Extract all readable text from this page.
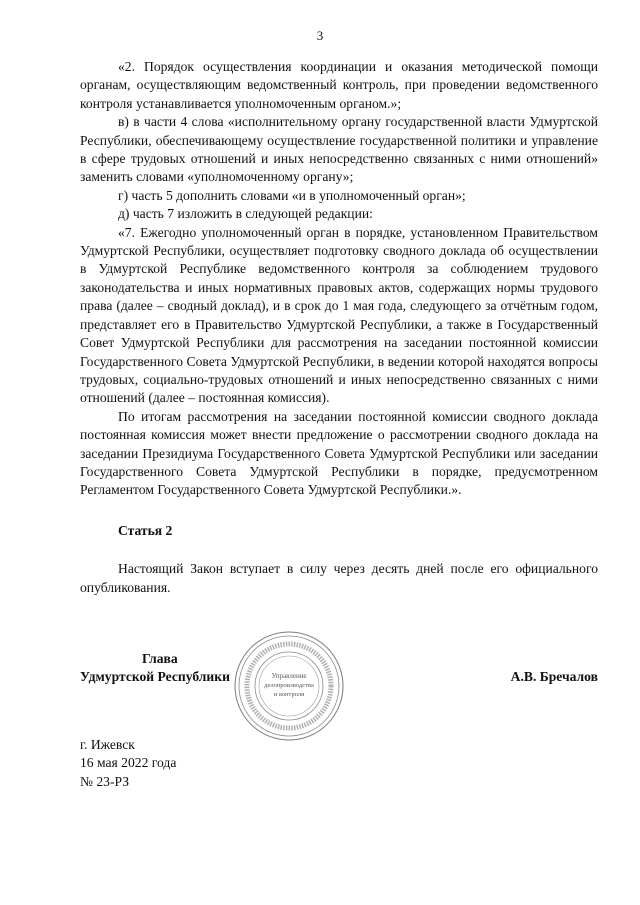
3

«2. Порядок осуществления координации и оказания методической помощи органам, осуществляющим ведомственный контроль, при проведении ведомственного контроля устанавливается уполномоченным органом.»;

в) в части 4 слова «исполнительному органу государственной власти Удмуртской Республики, обеспечивающему осуществление государственной политики и управление в сфере трудовых отношений и иных непосредственно связанных с ними отношений» заменить словами «уполномоченному органу»;

г) часть 5 дополнить словами «и в уполномоченный орган»;

д) часть 7 изложить в следующей редакции:

«7. Ежегодно уполномоченный орган в порядке, установленном Правительством Удмуртской Республики, осуществляет подготовку сводного доклада об осуществлении в Удмуртской Республике ведомственного контроля за соблюдением трудового законодательства и иных нормативных правовых актов, содержащих нормы трудового права (далее – сводный доклад), и в срок до 1 мая года, следующего за отчётным годом, представляет его в Правительство Удмуртской Республики, а также в Государственный Совет Удмуртской Республики для рассмотрения на заседании постоянной комиссии Государственного Совета Удмуртской Республики, в ведении которой находятся вопросы трудовых, социально-трудовых отношений и иных непосредственно связанных с ними отношений (далее – постоянная комиссия).

По итогам рассмотрения на заседании постоянной комиссии сводного доклада постоянная комиссия может внести предложение о рассмотрении сводного доклада на заседании Президиума Государственного Совета Удмуртской Республики или заседании Государственного Совета Удмуртской Республики в порядке, предусмотренном Регламентом Государственного Совета Удмуртской Республики.».

Статья 2

Настоящий Закон вступает в силу через десять дней после его официального опубликования.

Глава
Удмуртской Республики	А.В. Бречалов
Управление
делопроизводства
и контроля
г. Ижевск
16 мая 2022 года
№ 23-РЗ
